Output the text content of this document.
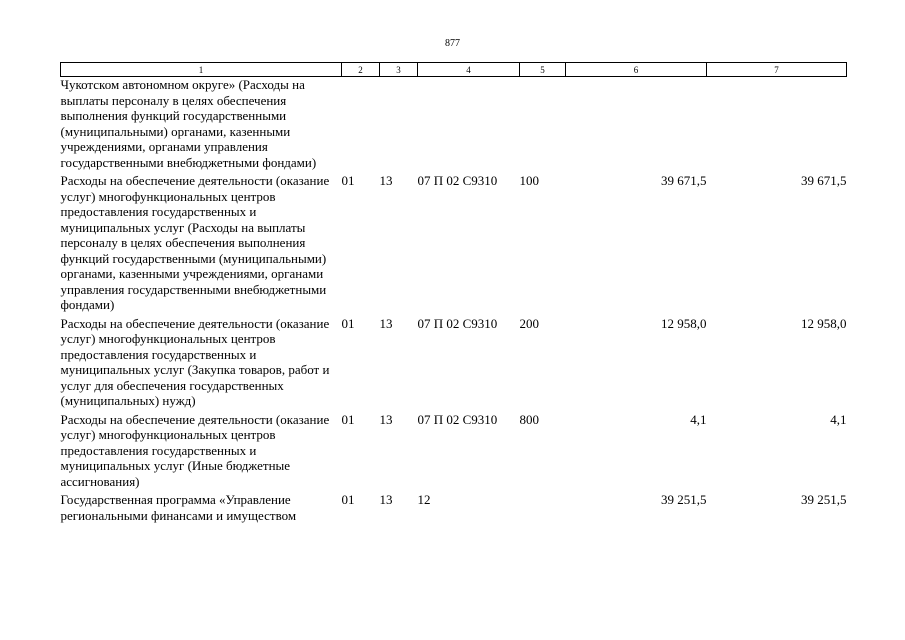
877
1	2	3	4	5	6	7
Чукотском автономном округе» (Расходы на выплаты персоналу в целях обеспечения выполнения функций государственными (муниципальными) органами, казенными учреждениями, органами управления государственными внебюджетными фондами)						
Расходы на обеспечение деятельности (оказание услуг) многофункциональных центров предоставления государственных и муниципальных услуг (Расходы на выплаты персоналу в целях обеспечения выполнения функций государственными (муниципальными) органами, казенными учреждениями, органами управления государственными внебюджетными фондами)	01	13	07 П 02 С9310	100	39 671,5	39 671,5
Расходы на обеспечение деятельности (оказание услуг) многофункциональных центров предоставления государственных и муниципальных услуг (Закупка товаров, работ и услуг для обеспечения государственных (муниципальных) нужд)	01	13	07 П 02 С9310	200	12 958,0	12 958,0
Расходы на обеспечение деятельности (оказание услуг) многофункциональных центров предоставления государственных и муниципальных услуг (Иные бюджетные ассигнования)	01	13	07 П 02 С9310	800	4,1	4,1
Государственная программа «Управление региональными финансами и имуществом	01	13	12		39 251,5	39 251,5
